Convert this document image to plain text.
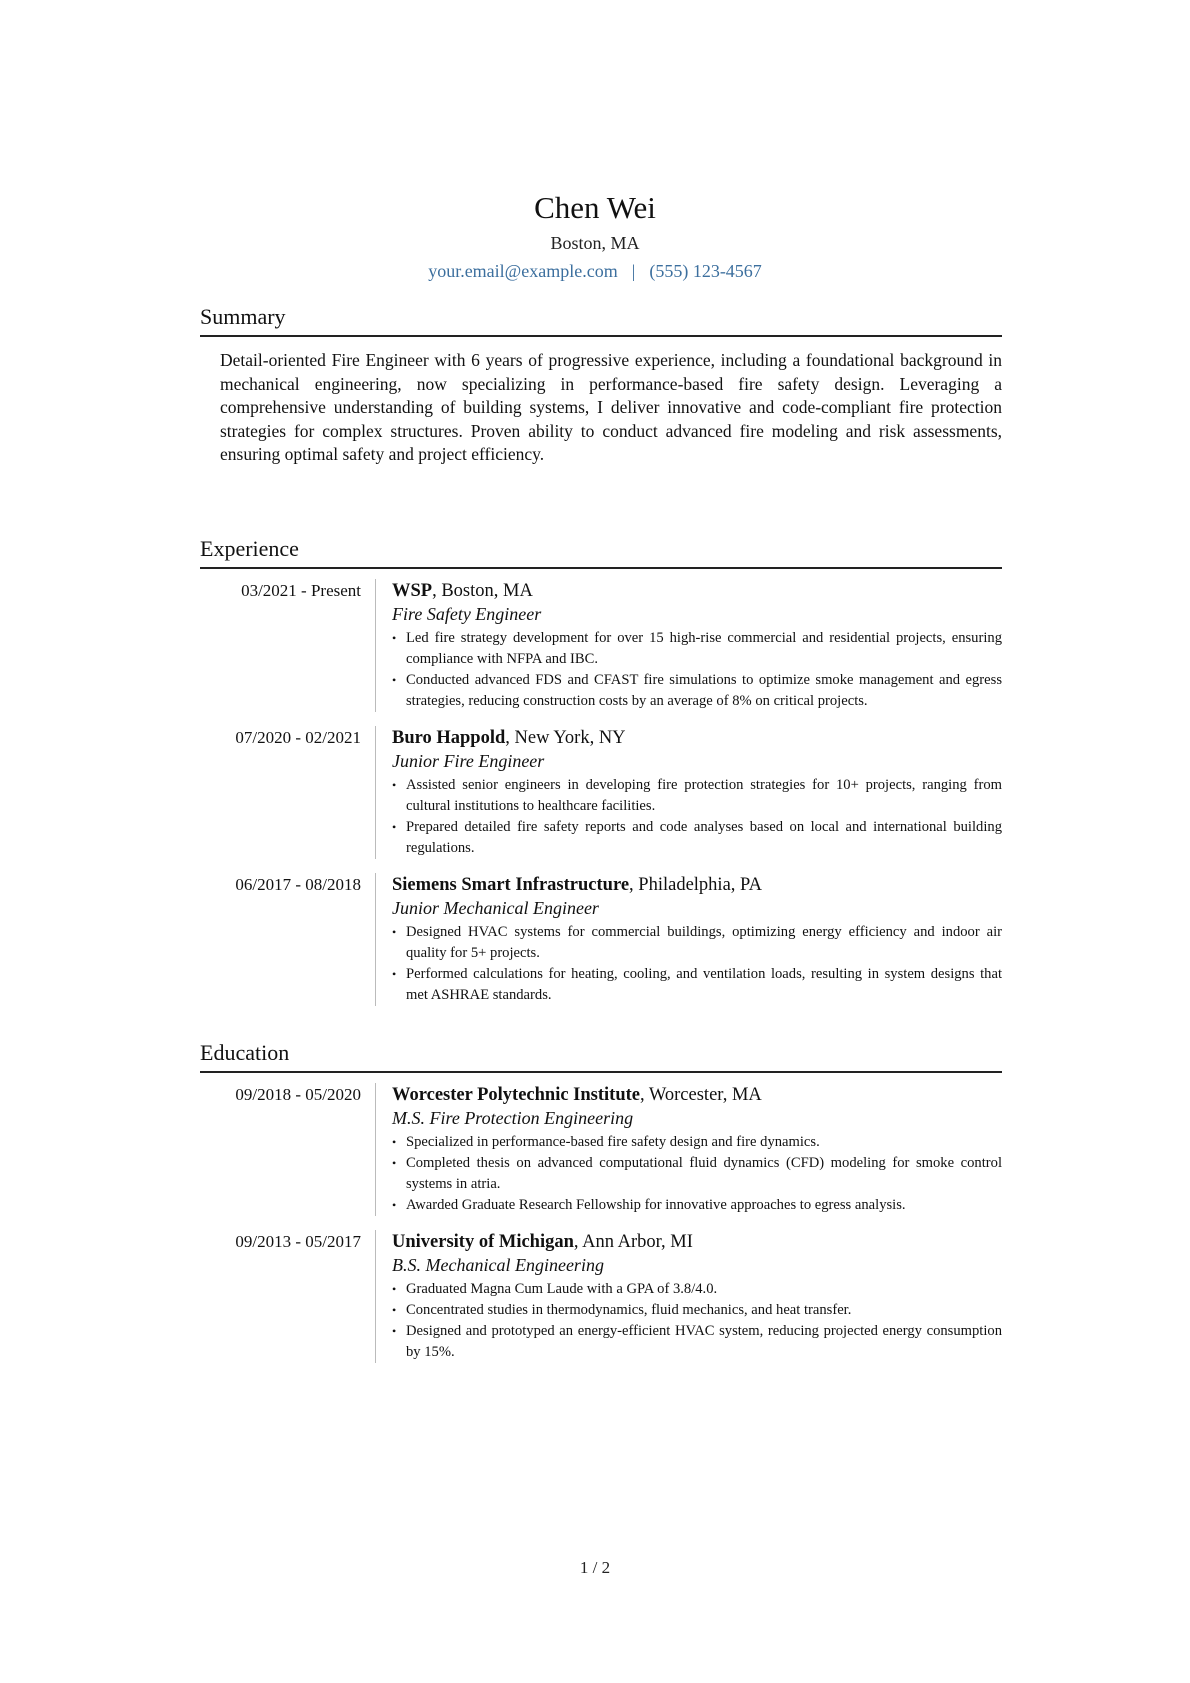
Chen Wei
Boston, MA
your.email@example.com | (555) 123-4567
Summary
Detail-oriented Fire Engineer with 6 years of progressive experience, including a foundational background in mechanical engineering, now specializing in performance-based fire safety design. Leveraging a comprehensive understanding of building systems, I deliver innovative and code-compliant fire protection strategies for complex structures. Proven ability to conduct advanced fire modeling and risk assessments, ensuring optimal safety and project efficiency.
Experience
03/2021 - Present	WSP, Boston, MA
Fire Safety Engineer
• Led fire strategy development for over 15 high-rise commercial and residential projects, ensuring compliance with NFPA and IBC.
• Conducted advanced FDS and CFAST fire simulations to optimize smoke management and egress strategies, reducing construction costs by an average of 8% on critical projects.
07/2020 - 02/2021	Buro Happold, New York, NY
Junior Fire Engineer
• Assisted senior engineers in developing fire protection strategies for 10+ projects, ranging from cultural institutions to healthcare facilities.
• Prepared detailed fire safety reports and code analyses based on local and international building regulations.
06/2017 - 08/2018	Siemens Smart Infrastructure, Philadelphia, PA
Junior Mechanical Engineer
• Designed HVAC systems for commercial buildings, optimizing energy efficiency and indoor air quality for 5+ projects.
• Performed calculations for heating, cooling, and ventilation loads, resulting in system designs that met ASHRAE standards.
Education
09/2018 - 05/2020	Worcester Polytechnic Institute, Worcester, MA
M.S. Fire Protection Engineering
• Specialized in performance-based fire safety design and fire dynamics.
• Completed thesis on advanced computational fluid dynamics (CFD) modeling for smoke control systems in atria.
• Awarded Graduate Research Fellowship for innovative approaches to egress analysis.
09/2013 - 05/2017	University of Michigan, Ann Arbor, MI
B.S. Mechanical Engineering
• Graduated Magna Cum Laude with a GPA of 3.8/4.0.
• Concentrated studies in thermodynamics, fluid mechanics, and heat transfer.
• Designed and prototyped an energy-efficient HVAC system, reducing projected energy consumption by 15%.
1 / 2
